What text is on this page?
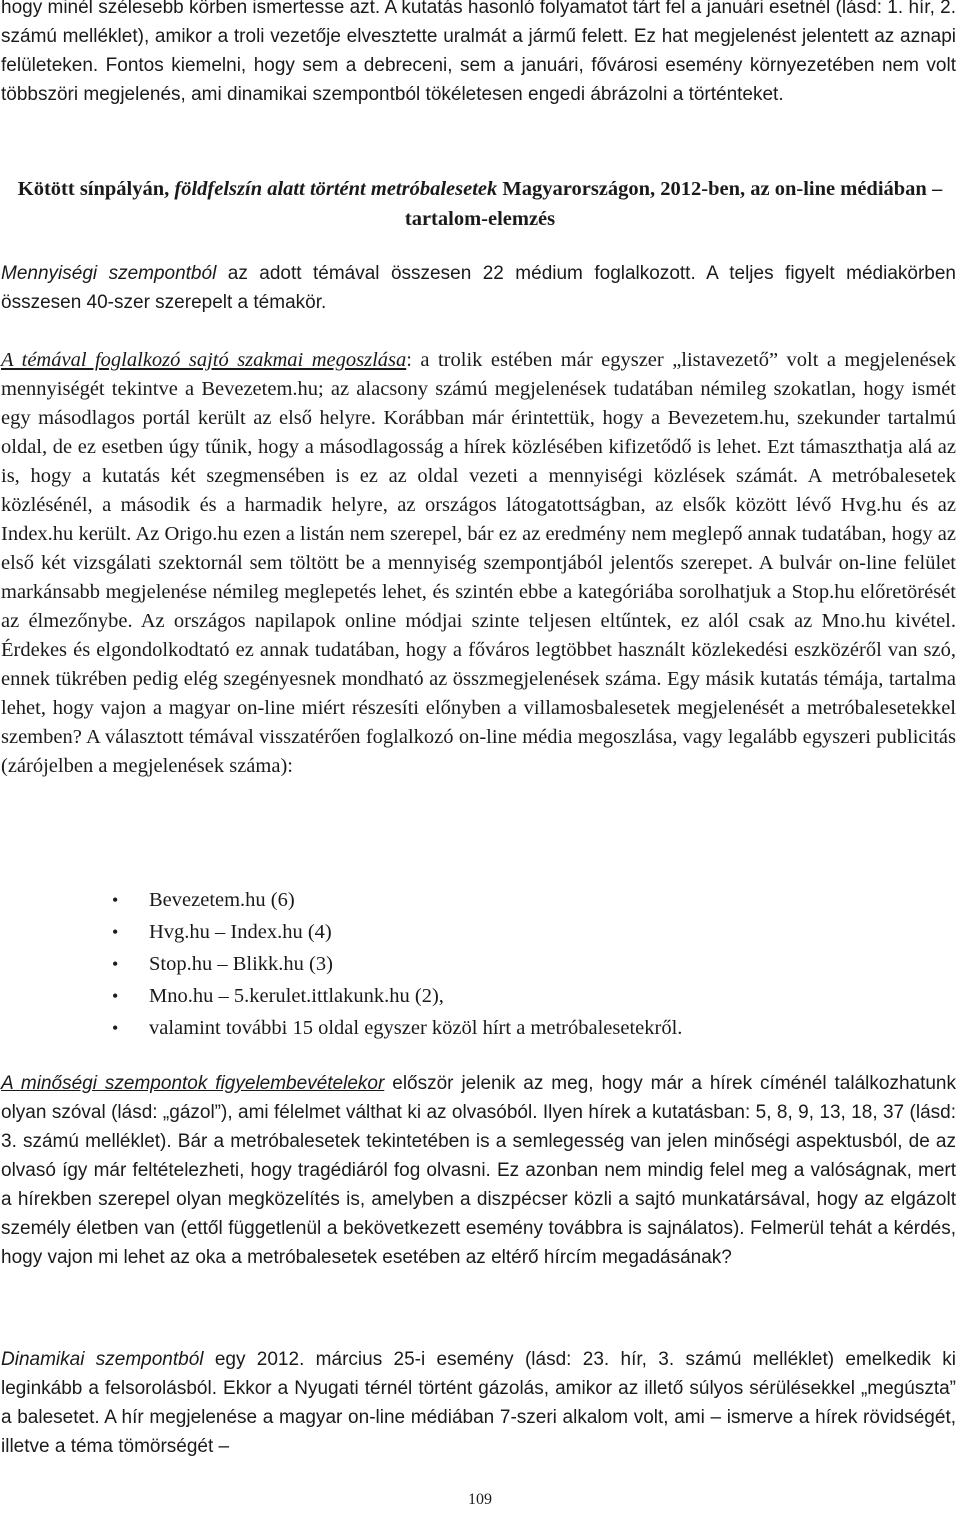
hogy minél szélesebb körben ismertesse azt. A kutatás hasonló folyamatot tárt fel a januári esetnél (lásd: 1. hír, 2. számú melléklet), amikor a troli vezetője elvesztette uralmát a jármű felett. Ez hat megjelenést jelentett az aznapi felületeken. Fontos kiemelni, hogy sem a debreceni, sem a januári, fővárosi esemény környezetében nem volt többszöri megjelenés, ami dinamikai szempontból tökéletesen engedi ábrázolni a történteket.

Kötött sínpályán, földfelszín alatt történt metróbalesetek Magyarországon, 2012-ben, az on-line médiában – tartalom-elemzés

Mennyiségi szempontból az adott témával összesen 22 médium foglalkozott. A teljes figyelt médiakörben összesen 40-szer szerepelt a témakör.

A témával foglalkozó sajtó szakmai megoszlása: a trolik estében már egyszer „listavezető” volt a megjelenések mennyiségét tekintve a Bevezetem.hu; az alacsony számú megjelenések tudatában némileg szokatlan, hogy ismét egy másodlagos portál került az első helyre. Korábban már érintettük, hogy a Bevezetem.hu, szekunder tartalmú oldal, de ez esetben úgy tűnik, hogy a másodlagosság a hírek közlésében kifizetődő is lehet. Ezt támaszthatja alá az is, hogy a kutatás két szegmensében is ez az oldal vezeti a mennyiségi közlések számát. A metróbalesetek közlésénél, a második és a harmadik helyre, az országos látogatottságban, az elsők között lévő Hvg.hu és az Index.hu került. Az Origo.hu ezen a listán nem szerepel, bár ez az eredmény nem meglepő annak tudatában, hogy az első két vizsgálati szektornál sem töltött be a mennyiség szempontjából jelentős szerepet. A bulvár on-line felület markánsabb megjelenése némileg meglepetés lehet, és szintén ebbe a kategóriába sorolhatjuk a Stop.hu előretörését az élmezőnybe. Az országos napilapok online módjai szinte teljesen eltűntek, ez alól csak az Mno.hu kivétel. Érdekes és elgondolkodtató ez annak tudatában, hogy a főváros legtöbbet használt közlekedési eszközéről van szó, ennek tükrében pedig elég szegényesnek mondható az összmegjelenések száma. Egy másik kutatás témája, tartalma lehet, hogy vajon a magyar on-line miért részesíti előnyben a villamosbalesetek megjelenését a metróbalesetekkel szemben? A választott témával visszatérően foglalkozó on-line média megoszlása, vagy legalább egyszeri publicitás (zárójelben a megjelenések száma):

• Bevezetem.hu (6)
• Hvg.hu – Index.hu (4)
• Stop.hu – Blikk.hu (3)
• Mno.hu – 5.kerulet.ittlakunk.hu (2),
• valamint további 15 oldal egyszer közöl hírt a metróbalesetekről.

A minőségi szempontok figyelembevételekor először jelenik az meg, hogy már a hírek címénél találkozhatunk olyan szóval (lásd: „gázol”), ami félelmet válthat ki az olvasóból. Ilyen hírek a kutatásban: 5, 8, 9, 13, 18, 37 (lásd: 3. számú melléklet). Bár a metróbalesetek tekintetében is a semlegesség van jelen minőségi aspektusból, de az olvasó így már feltételezheti, hogy tragédiáról fog olvasni. Ez azonban nem mindig felel meg a valóságnak, mert a hírekben szerepel olyan megközelítés is, amelyben a diszpécser közli a sajtó munkatársával, hogy az elgázolt személy életben van (ettől függetlenül a bekövetkezett esemény továbbra is sajnálatos). Felmerül tehát a kérdés, hogy vajon mi lehet az oka a metróbalesetek esetében az eltérő hírcím megadásának?

Dinamikai szempontból egy 2012. március 25-i esemény (lásd: 23. hír, 3. számú melléklet) emelkedik ki leginkább a felsorolásból. Ekkor a Nyugati térnél történt gázolás, amikor az illető súlyos sérülésekkel „megúszta” a balesetet. A hír megjelenése a magyar on-line médiában 7-szeri alkalom volt, ami – ismerve a hírek rövidségét, illetve a téma tömörségét –

109
